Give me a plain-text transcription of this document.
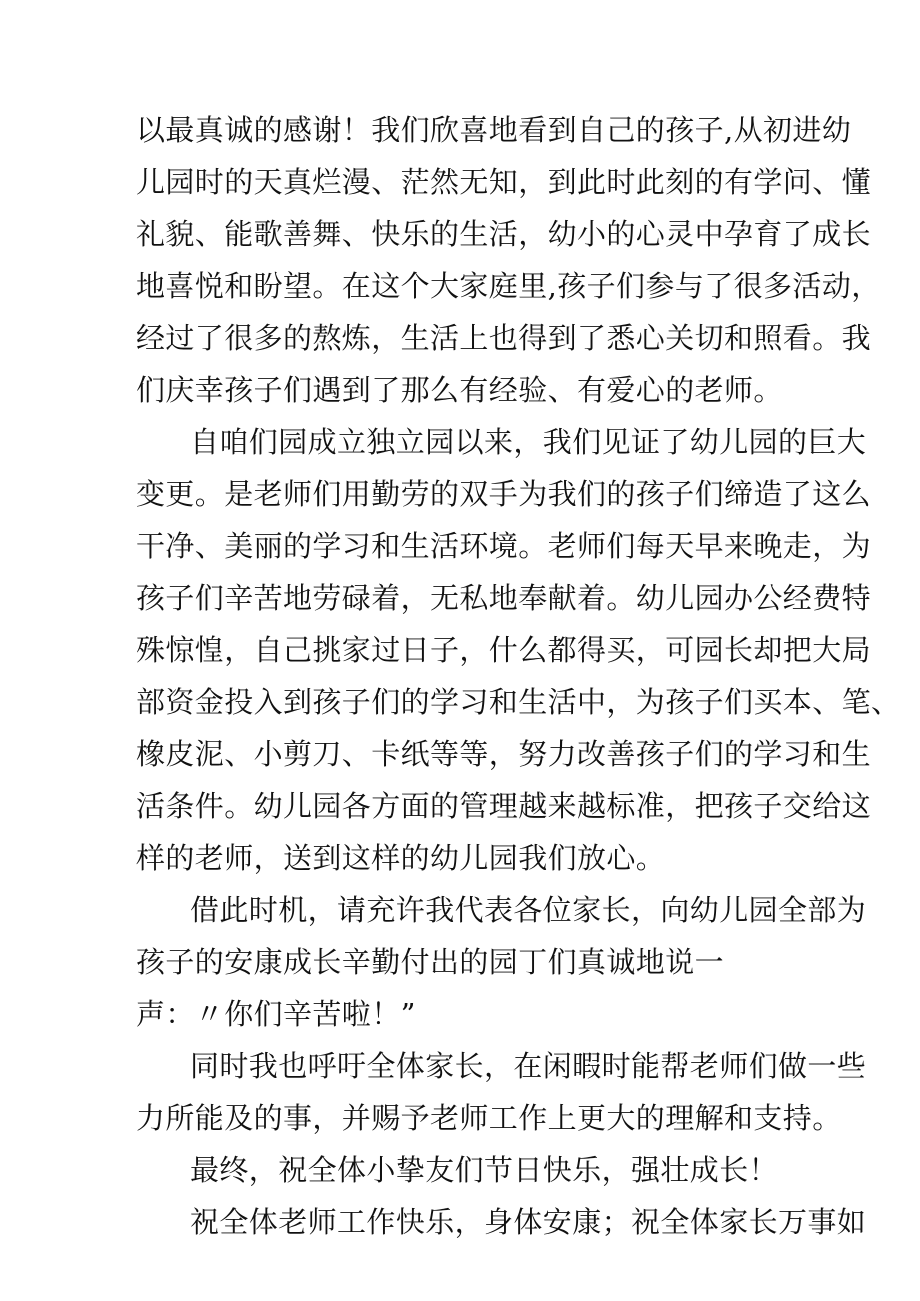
以最真诚的感谢！我们欣喜地看到自己的孩子,从初进幼
儿园时的天真烂漫、茫然无知，到此时此刻的有学问、懂
礼貌、能歌善舞、快乐的生活，幼小的心灵中孕育了成长
地喜悦和盼望。在这个大家庭里,孩子们参与了很多活动，
经过了很多的熬炼，生活上也得到了悉心关切和照看。我
们庆幸孩子们遇到了那么有经验、有爱心的老师。
自咱们园成立独立园以来，我们见证了幼儿园的巨大
变更。是老师们用勤劳的双手为我们的孩子们缔造了这么
干净、美丽的学习和生活环境。老师们每天早来晚走，为
孩子们辛苦地劳碌着，无私地奉献着。幼儿园办公经费特
殊惊惶，自己挑家过日子，什么都得买，可园长却把大局
部资金投入到孩子们的学习和生活中，为孩子们买本、笔、
橡皮泥、小剪刀、卡纸等等，努力改善孩子们的学习和生
活条件。幼儿园各方面的管理越来越标准，把孩子交给这
样的老师，送到这样的幼儿园我们放心。
借此时机，请充许我代表各位家长，向幼儿园全部为
孩子的安康成长辛勤付出的园丁们真诚地说一
声：〃你们辛苦啦！”
同时我也呼吁全体家长，在闲暇时能帮老师们做一些
力所能及的事，并赐予老师工作上更大的理解和支持。
最终，祝全体小挚友们节日快乐，强壮成长！
祝全体老师工作快乐，身体安康；祝全体家长万事如
